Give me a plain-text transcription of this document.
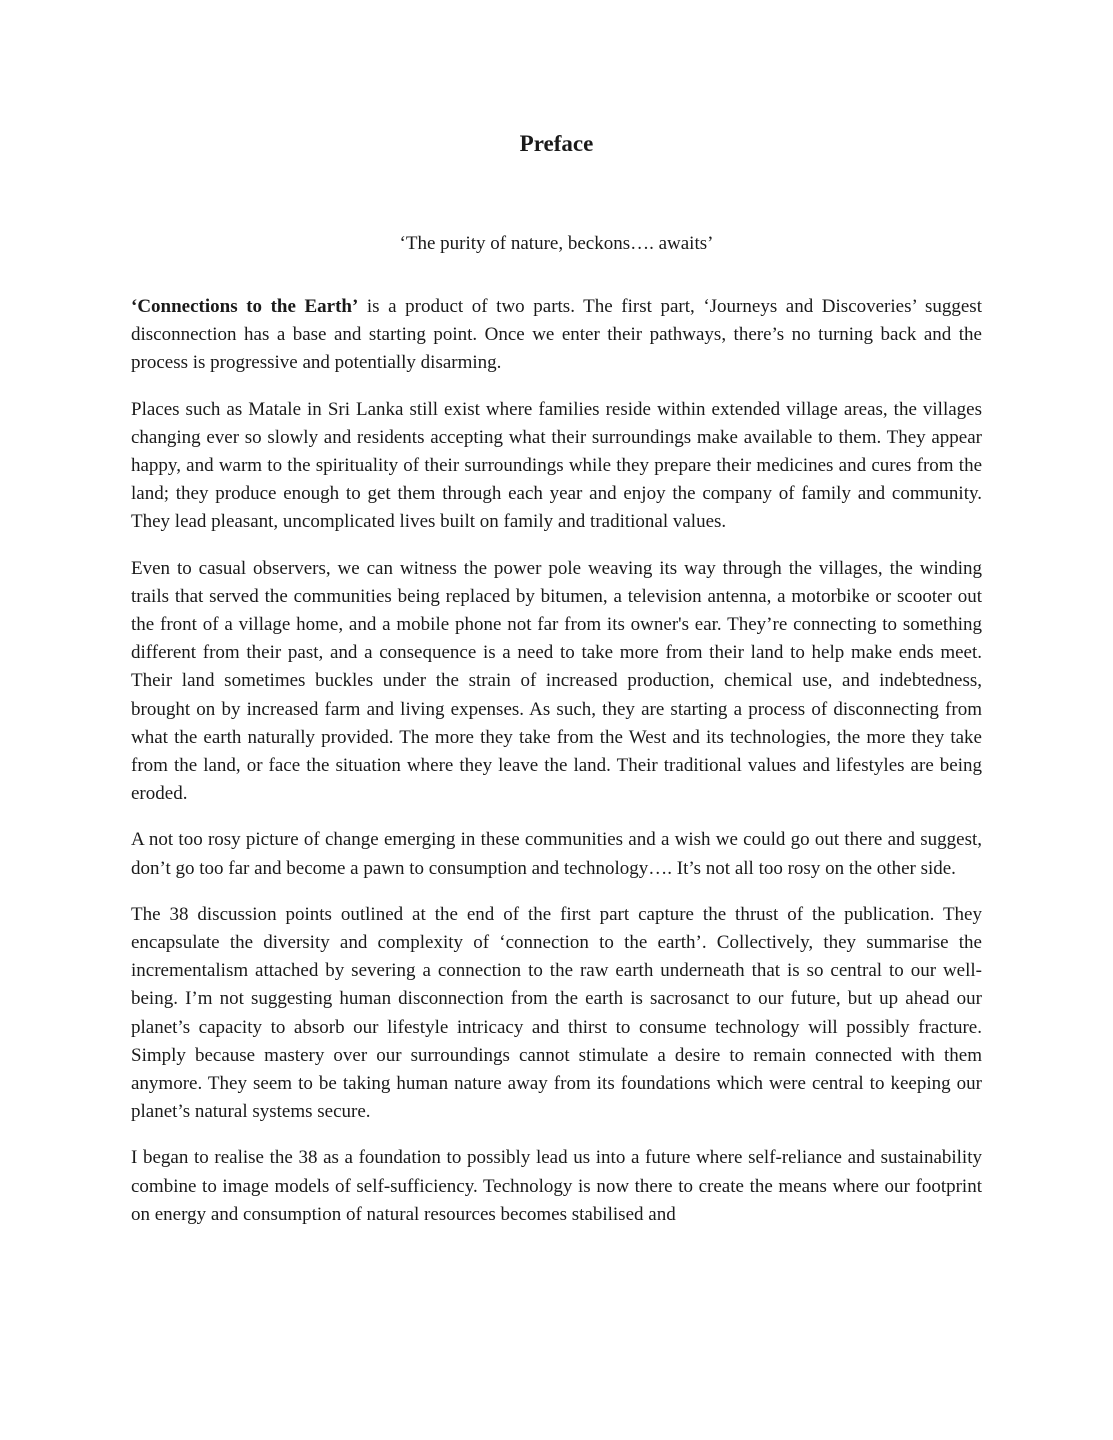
Preface

‘The purity of nature, beckons…. awaits’

‘Connections to the Earth’ is a product of two parts. The first part, ‘Journeys and Discoveries’ suggest disconnection has a base and starting point. Once we enter their pathways, there’s no turning back and the process is progressive and potentially disarming.

Places such as Matale in Sri Lanka still exist where families reside within extended village areas, the villages changing ever so slowly and residents accepting what their surroundings make available to them. They appear happy, and warm to the spirituality of their surroundings while they prepare their medicines and cures from the land; they produce enough to get them through each year and enjoy the company of family and community. They lead pleasant, uncomplicated lives built on family and traditional values.

Even to casual observers, we can witness the power pole weaving its way through the villages, the winding trails that served the communities being replaced by bitumen, a television antenna, a motorbike or scooter out the front of a village home, and a mobile phone not far from its owner's ear. They’re connecting to something different from their past, and a consequence is a need to take more from their land to help make ends meet. Their land sometimes buckles under the strain of increased production, chemical use, and indebtedness, brought on by increased farm and living expenses. As such, they are starting a process of disconnecting from what the earth naturally provided. The more they take from the West and its technologies, the more they take from the land, or face the situation where they leave the land. Their traditional values and lifestyles are being eroded.

A not too rosy picture of change emerging in these communities and a wish we could go out there and suggest, don’t go too far and become a pawn to consumption and technology…. It’s not all too rosy on the other side.

The 38 discussion points outlined at the end of the first part capture the thrust of the publication. They encapsulate the diversity and complexity of ‘connection to the earth’. Collectively, they summarise the incrementalism attached by severing a connection to the raw earth underneath that is so central to our well-being. I’m not suggesting human disconnection from the earth is sacrosanct to our future, but up ahead our planet’s capacity to absorb our lifestyle intricacy and thirst to consume technology will possibly fracture. Simply because mastery over our surroundings cannot stimulate a desire to remain connected with them anymore. They seem to be taking human nature away from its foundations which were central to keeping our planet’s natural systems secure.

I began to realise the 38 as a foundation to possibly lead us into a future where self-reliance and sustainability combine to image models of self-sufficiency. Technology is now there to create the means where our footprint on energy and consumption of natural resources becomes stabilised and
